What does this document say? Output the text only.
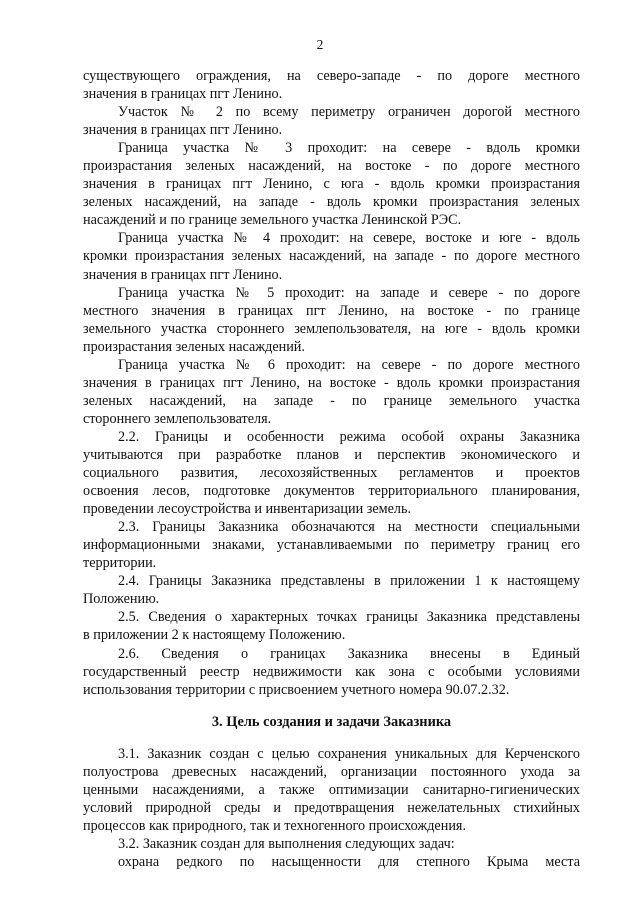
2
существующего ограждения, на северо-западе - по дороге местного
значения в границах пгт Ленино.
Участок № 2 по всему периметру ограничен дорогой местного
значения в границах пгт Ленино.
Граница участка № 3 проходит: на севере - вдоль кромки
произрастания зеленых насаждений, на востоке - по дороге местного
значения в границах пгт Ленино, с юга - вдоль кромки произрастания
зеленых насаждений, на западе - вдоль кромки произрастания зеленых
насаждений и по границе земельного участка Ленинской РЭС.
Граница участка № 4 проходит: на севере, востоке и юге - вдоль
кромки произрастания зеленых насаждений, на западе - по дороге местного
значения в границах пгт Ленино.
Граница участка № 5 проходит: на западе и севере - по дороге
местного значения в границах пгт Ленино, на востоке - по границе
земельного участка стороннего землепользователя, на юге - вдоль кромки
произрастания зеленых насаждений.
Граница участка № 6 проходит: на севере - по дороге местного
значения в границах пгт Ленино, на востоке - вдоль кромки произрастания
зеленых насаждений, на западе - по границе земельного участка
стороннего землепользователя.
2.2. Границы и особенности режима особой охраны Заказника
учитываются при разработке планов и перспектив экономического и
социального развития, лесохозяйственных регламентов и проектов
освоения лесов, подготовке документов территориального планирования,
проведении лесоустройства и инвентаризации земель.
2.3. Границы Заказника обозначаются на местности специальными
информационными знаками, устанавливаемыми по периметру границ его
территории.
2.4. Границы Заказника представлены в приложении 1 к настоящему
Положению.
2.5. Сведения о характерных точках границы Заказника представлены
в приложении 2 к настоящему Положению.
2.6. Сведения о границах Заказника внесены в Единый
государственный реестр недвижимости как зона с особыми условиями
использования территории с присвоением учетного номера 90.07.2.32.
3. Цель создания и задачи Заказника
3.1. Заказник создан с целью сохранения уникальных для Керченского
полуострова древесных насаждений, организации постоянного ухода за
ценными насаждениями, а также оптимизации санитарно-гигиенических
условий природной среды и предотвращения нежелательных стихийных
процессов как природного, так и техногенного происхождения.
3.2. Заказник создан для выполнения следующих задач:
охрана редкого по насыщенности для степного Крыма места
